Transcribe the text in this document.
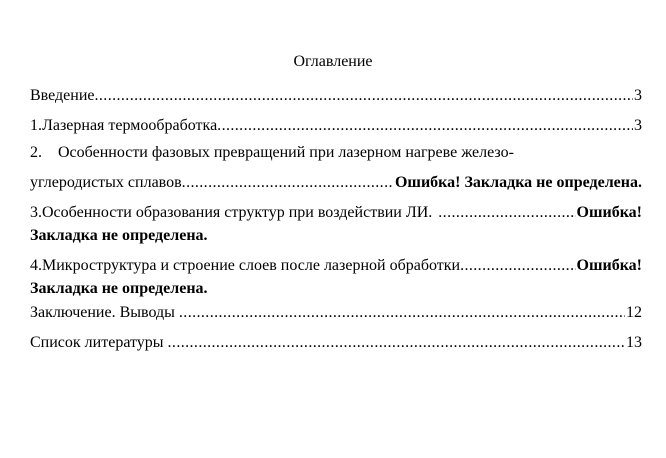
Оглавление
Введение .....	3
1. Лазерная термообработка .....	3
2. Особенности фазовых превращений при лазерном нагреве железо-
углеродистых сплавов .....	Ошибка! Закладка не определена.
3. Особенности образования структур при воздействии ЛИ. .....	Ошибка!
Закладка не определена.
4. Микроструктура и строение слоев после лазерной обработки .....	Ошибка!
Закладка не определена.
Заключение. Выводы .....	12
Список литературы .....	13
